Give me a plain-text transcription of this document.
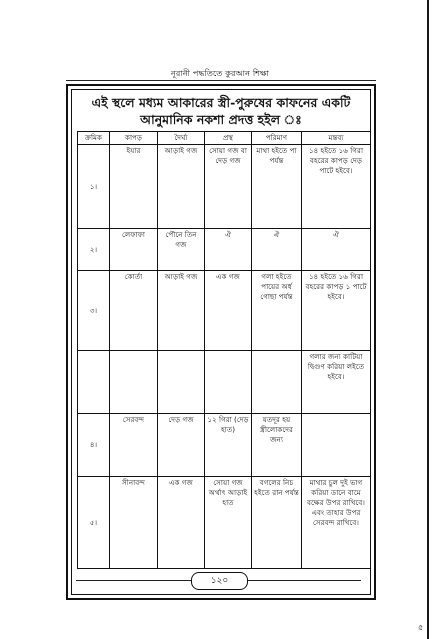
নূরানী পদ্ধতিতে কুরআন শিক্ষা
এই স্থলে মধ্যম আকারের স্ত্রী-পুরুষের কাফনের একটি
আনুমানিক নকশা প্রদত্ত হইল ঃ
ক্রমিক	কাপড়	দৈর্ঘ্য	প্রস্থ	পরিমাণ	মন্তব্য
১।	ইযার	আড়াই গজ	সোয়া গজ বা দেড় গজ	মাথা হইতে পা পর্যন্ত	১৪ হইতে ১৬ গিরা বহরের কাপড় দেড় পাটে হইবে।
২।	লেফাফা	পৌনে তিন গজ	ঐ	ঐ	ঐ
৩।	কোর্তা	আড়াই গজ	এক গজ	গলা হইতে পায়ের অর্ধ গোছা পর্যন্ত	১৪ হইতে ১৬ গিরা বহরের কাপড় ১ পাটে হইবে।
					গলার জন্য কাটিয়া দ্বিগুণ করিয়া লইতে হইবে।
৪।	সেরবন্দ	দেড় গজ	১২ গিরা (দেড় হাত)	যতদূর হয় স্ত্রীলোকদের জন্য	
৫।	সীনাবন্দ	এক গজ	সোয়া গজ অর্থাৎ আড়াই হাত	বগলের নিচ হইতে রান পর্যন্ত	মাথার চুল দুই ভাগ করিয়া ডানে বামে বক্ষের উপর রাখিবে। এবং তাহার উপর সেরবন্দ রাখিবে।
১২০
৫
